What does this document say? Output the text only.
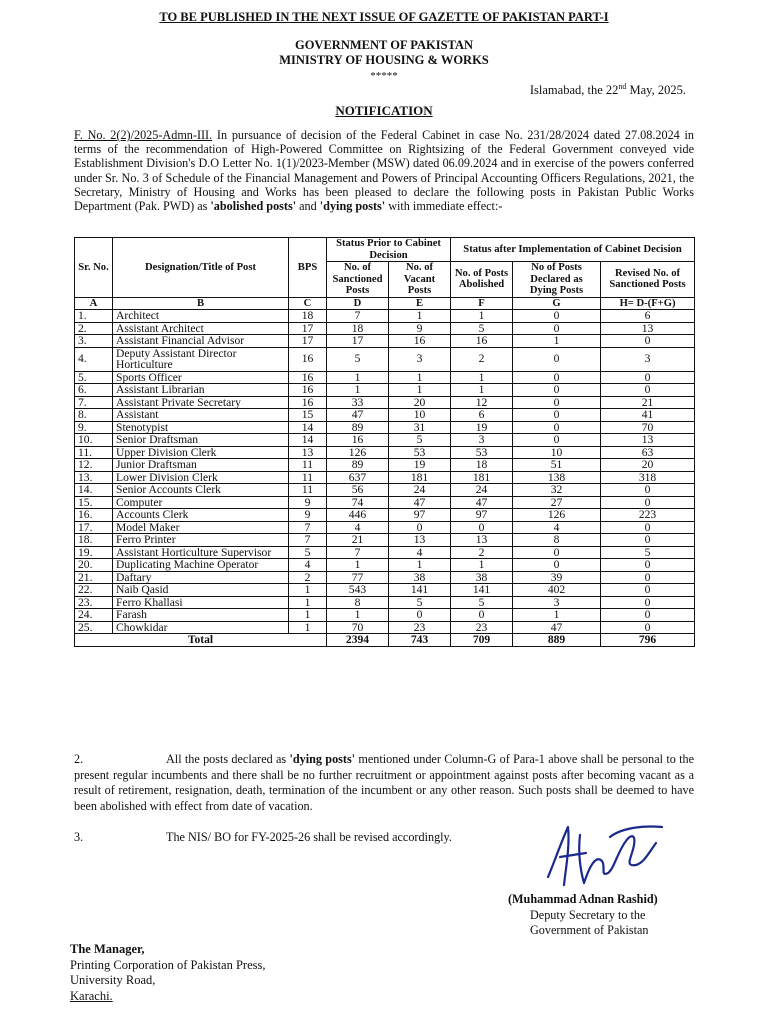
TO BE PUBLISHED IN THE NEXT ISSUE OF GAZETTE OF PAKISTAN PART-I
GOVERNMENT OF PAKISTAN
MINISTRY OF HOUSING & WORKS
*****
Islamabad, the 22nd May, 2025.
NOTIFICATION
F. No. 2(2)/2025-Admn-III. In pursuance of decision of the Federal Cabinet in case No. 231/28/2024 dated 27.08.2024 in terms of the recommendation of High-Powered Committee on Rightsizing of the Federal Government conveyed vide Establishment Division's D.O Letter No. 1(1)/2023-Member (MSW) dated 06.09.2024 and in exercise of the powers conferred under Sr. No. 3 of Schedule of the Financial Management and Powers of Principal Accounting Officers Regulations, 2021, the Secretary, Ministry of Housing and Works has been pleased to declare the following posts in Pakistan Public Works Department (Pak. PWD) as 'abolished posts' and 'dying posts' with immediate effect:-
Sr. No.	Designation/Title of Post	BPS	Status Prior to Cabinet Decision		Status after Implementation of Cabinet Decision		
			No. of Sanctioned Posts	No. of Vacant Posts	No. of Posts Abolished	No of Posts Declared as Dying Posts	Revised No. of Sanctioned Posts
A	B	C	D	E	F	G	H= D-(F+G)
1.	Architect	18	7	1	1	0	6
2.	Assistant Architect	17	18	9	5	0	13
3.	Assistant Financial Advisor	17	17	16	16	1	0
4.	Deputy Assistant Director Horticulture	16	5	3	2	0	3
5.	Sports Officer	16	1	1	1	0	0
6.	Assistant Librarian	16	1	1	1	0	0
7.	Assistant Private Secretary	16	33	20	12	0	21
8.	Assistant	15	47	10	6	0	41
9.	Stenotypist	14	89	31	19	0	70
10.	Senior Draftsman	14	16	5	3	0	13
11.	Upper Division Clerk	13	126	53	53	10	63
12.	Junior Draftsman	11	89	19	18	51	20
13.	Lower Division Clerk	11	637	181	181	138	318
14.	Senior Accounts Clerk	11	56	24	24	32	0
15.	Computer	9	74	47	47	27	0
16.	Accounts Clerk	9	446	97	97	126	223
17.	Model Maker	7	4	0	0	4	0
18.	Ferro Printer	7	21	13	13	8	0
19.	Assistant Horticulture Supervisor	5	7	4	2	0	5
20.	Duplicating Machine Operator	4	1	1	1	0	0
21.	Daftary	2	77	38	38	39	0
22.	Naib Qasid	1	543	141	141	402	0
23.	Ferro Khallasi	1	8	5	5	3	0
24.	Farash	1	1	0	0	1	0
25.	Chowkidar	1	70	23	23	47	0
Total			2394	743	709	889	796
2.	All the posts declared as 'dying posts' mentioned under Column-G of Para-1 above shall be personal to the present regular incumbents and there shall be no further recruitment or appointment against posts after becoming vacant as a result of retirement, resignation, death, termination of the incumbent or any other reason. Such posts shall be deemed to have been abolished with effect from date of vacation.
3.	The NIS/ BO for FY-2025-26 shall be revised accordingly.
(Muhammad Adnan Rashid)
Deputy Secretary to the
Government of Pakistan
The Manager,
Printing Corporation of Pakistan Press,
University Road,
Karachi.
